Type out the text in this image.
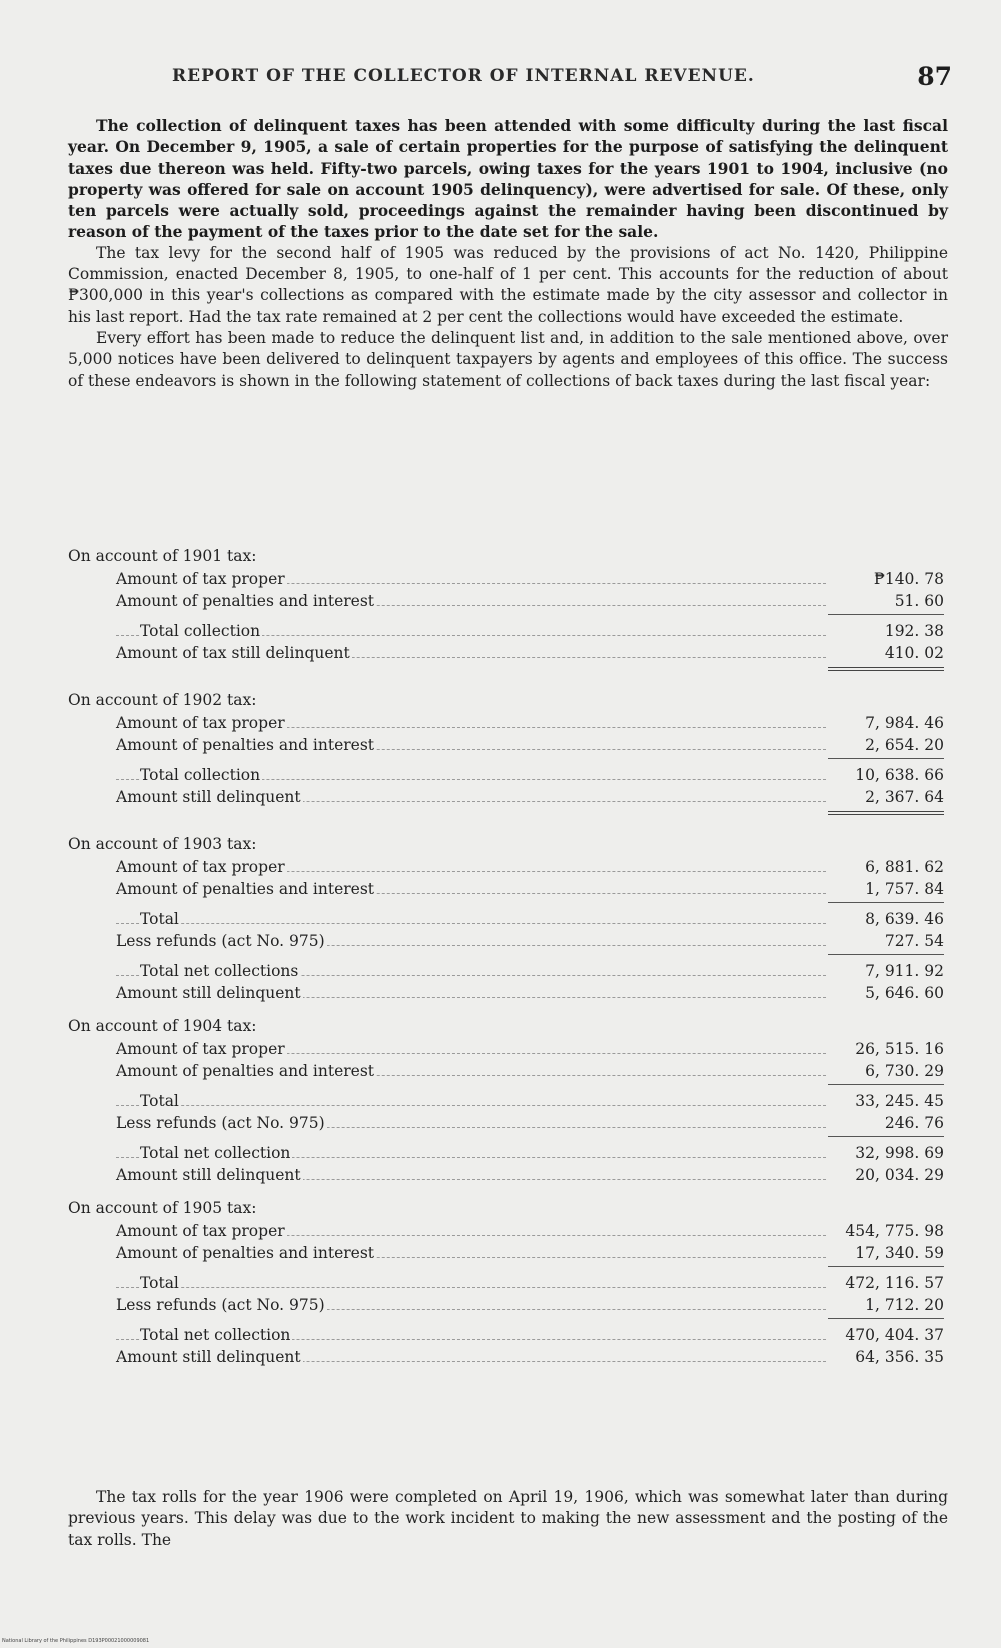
REPORT OF THE COLLECTOR OF INTERNAL REVENUE.	87

The collection of delinquent taxes has been attended with some difficulty during the last fiscal year. On December 9, 1905, a sale of certain properties for the purpose of satisfying the delinquent taxes due thereon was held. Fifty-two parcels, owing taxes for the years 1901 to 1904, inclusive (no property was offered for sale on account 1905 delinquency), were advertised for sale. Of these, only ten parcels were actually sold, proceedings against the remainder having been discontinued by reason of the payment of the taxes prior to the date set for the sale.

The tax levy for the second half of 1905 was reduced by the provisions of act No. 1420, Philippine Commission, enacted December 8, 1905, to one-half of 1 per cent. This accounts for the reduction of about ₱300,000 in this year's collections as compared with the estimate made by the city assessor and collector in his last report. Had the tax rate remained at 2 per cent the collections would have exceeded the estimate.

Every effort has been made to reduce the delinquent list and, in addition to the sale mentioned above, over 5,000 notices have been delivered to delinquent taxpayers by agents and employees of this office. The success of these endeavors is shown in the following statement of collections of back taxes during the last fiscal year:

On account of 1901 tax:
Amount of tax proper	₱140. 78
Amount of penalties and interest	51. 60
Total collection	192. 38
Amount of tax still delinquent	410. 02
On account of 1902 tax:
Amount of tax proper	7, 984. 46
Amount of penalties and interest	2, 654. 20
Total collection	10, 638. 66
Amount still delinquent	2, 367. 64
On account of 1903 tax:
Amount of tax proper	6, 881. 62
Amount of penalties and interest	1, 757. 84
Total	8, 639. 46
Less refunds (act No. 975)	727. 54
Total net collections	7, 911. 92
Amount still delinquent	5, 646. 60
On account of 1904 tax:
Amount of tax proper	26, 515. 16
Amount of penalties and interest	6, 730. 29
Total	33, 245. 45
Less refunds (act No. 975)	246. 76
Total net collection	32, 998. 69
Amount still delinquent	20, 034. 29
On account of 1905 tax:
Amount of tax proper	454, 775. 98
Amount of penalties and interest	17, 340. 59
Total	472, 116. 57
Less refunds (act No. 975)	1, 712. 20
Total net collection	470, 404. 37
Amount still delinquent	64, 356. 35

The tax rolls for the year 1906 were completed on April 19, 1906, which was somewhat later than during previous years. This delay was due to the work incident to making the new assessment and the posting of the tax rolls. The

National Library of the Philippines D193P00021000009081
